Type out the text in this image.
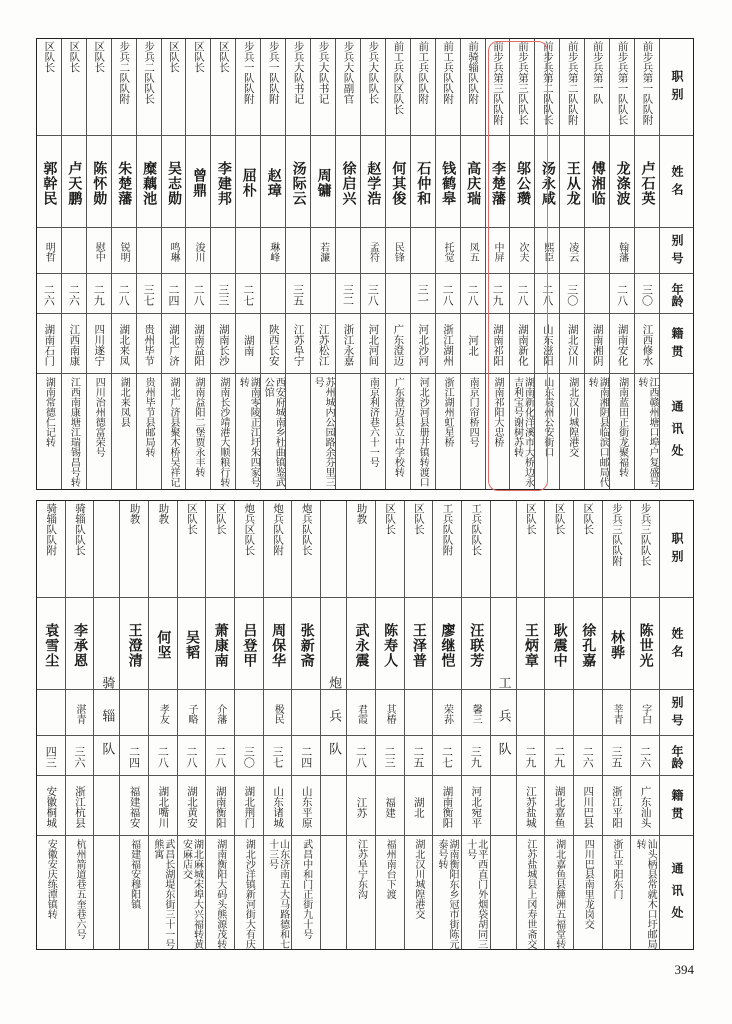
职别
姓名
别号
年龄
籍贯
通讯处
前步兵第一队队附
卢石英
三〇
江西修水
江西赣州塘口埠户复盛号转
前步兵第一队队长
龙涤波
翰藩
二八
湖南安化
湖南蓝田正街龙聚福转
前步兵第一队
傅湘临
湖南湘阴
湖南湘阴县临滨口邮局代转
前步兵第二队队附
王从龙
凌云
三〇
湖北汉川
湖北汉川城隍港交
前步兵第二队队长
汤永咸
熙臣
二八
山东滋阳
山东袁州公安街口
前步兵第三队队长
邬公瓒
次夫
二八
湖南新化
湖南新化洋溪市大桥边永吉利宝号谢树苏转
前步兵第三队队附
李楚藩
中屏
二九
湖南祁阳
湖南祁阳大忠桥
前骑辎队队附
高庆瑞
凤五
二八
河北
南京门帘桥四号
前工兵队队附
钱鹤皋
托觉
二八
浙江湖州
浙江湖州虹星桥
前工兵队队附
石仲和
三一
河北沙河
河北沙河县册井镇转渡口
前工兵队区队长
何其俊
民锋
广东澄迈
广东澄迈县立中学校转
步兵大队队长
赵学浩
孟符
三八
河北河间
南京利济巷六十一号
步兵大队副官
徐启兴
三二
浙江永嘉
步兵大队书记
周镛
若濂
江苏松江
苏州城内公园路余芬里三号
步兵大队书记
汤际云
三五
江苏阜宁
步兵一队队附
赵璋
琳峰
陕西长安
西安府城南乡杜曲镇鉴武公馆
步兵一队队附
屈朴
二七
湖南
湖南零陵正江圩朱四家号转
区队长
李建邦
三三
湖南长沙
湖南长沙靖港大顺粮行转
区队长
曾鼎
浚川
二八
湖南益阳
湖南益阳二堡贾永丰转
区队长
吴志勋
鸣琳
二四
湖北广济
湖北广济县聚木桥吴祥记
步兵二队队长
糜藕池
三七
贵州毕节
贵州毕节县邮局转
步兵二队队附
朱楚藩
锐明
二八
湖北来凤
湖北来凤县
区队长
陈怀勋
慰中
二九
四川遂宁
四川治州德富荣号
区队长
卢天鹏
二六
江西南康
江西南康塘江瑞锡昌号转
区队长
郭幹民
明哲
二六
湖南石门
湖南常德仁记转
职别
姓名
别号
年龄
籍贯
通讯处
步兵三队队长
陈世光
字白
二六
广东汕头
汕头柄县常就木口圩邮局转
步兵三队队附
林骅
莘青
三五
浙江平阳
浙江平阳东门
区队长
徐孔嘉
二六
四川巴县
四川巴县南里龙岗交
区队长
耿震中
二九
湖北嘉鱼
湖北嘉鱼县簰洲五福堂转
区队长
王炳章
二九
江苏盐城
江苏盐城县上冈寿世斋交
工兵队
工兵队队长
汪联芳
馨三
三九
河北宛平
北平西直门外烟袋胡同三十号
工兵队队附
廖继恺
荣荪
二七
湖南衡阳
湖南衡阳东乡冠市街陈元泰号转
区队长
王泽普
二五
湖北
湖北汉川城隍港交
区队长
陈寿人
其椿
二三
福建
福州南台下渡
助教
武永震
君霞
二八
江苏
江苏阜宁东沟
炮兵队
炮兵队队长
张新斋
二四
山东平原
武昌中和门正街九十号
炮兵队队附
周保华
极民
三七
山东诸城
山东济南五大马路德和七十三号
炮兵区队长
吕登甲
三〇
湖北荆门
湖北沙洋镇新河街大有庆
区队长
萧康南
介藩
二八
湖南衡阳
湖南衡阳大码头熊源茂转
区队长
吴韬
子略
二八
湖北黄安
湖北麻城宋埠大兴福转黄安麻店交
助教
何坚
孝友
二八
湖北嘴川
武昌长湖堤东街三十一号熊寓
助教
王澄清
二四
福建福安
福建福安穆阳镇
骑辎队
骑辎队队长
李承恩
湛青
三六
浙江杭县
杭州箭道巷五奎巷六号
骑辎队队附
袁雪尘
四三
安徽桐城
安徽安庆练潭镇转
394
